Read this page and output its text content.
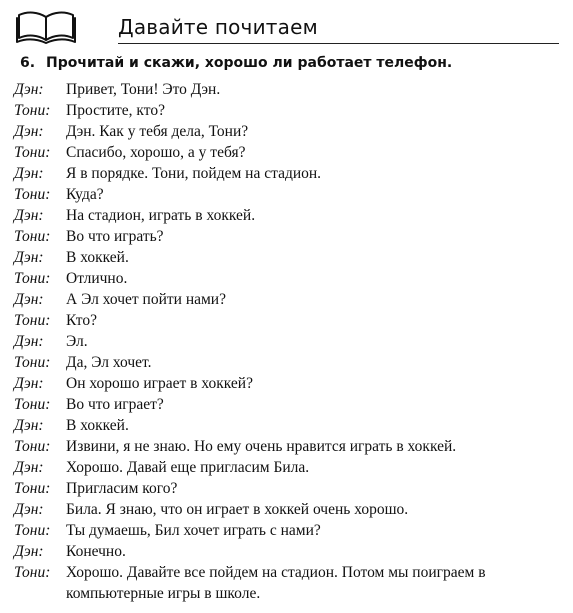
Давайте почитаем
6. Прочитай и скажи, хорошо ли работает телефон.
Дэн: Привет, Тони! Это Дэн.
Тони: Простите, кто?
Дэн: Дэн. Как у тебя дела, Тони?
Тони: Спасибо, хорошо, а у тебя?
Дэн: Я в порядке. Тони, пойдем на стадион.
Тони: Куда?
Дэн: На стадион, играть в хоккей.
Тони: Во что играть?
Дэн: В хоккей.
Тони: Отлично.
Дэн: А Эл хочет пойти нами?
Тони: Кто?
Дэн: Эл.
Тони: Да, Эл хочет.
Дэн: Он хорошо играет в хоккей?
Тони: Во что играет?
Дэн: В хоккей.
Тони: Извини, я не знаю. Но ему очень нравится играть в хоккей.
Дэн: Хорошо. Давай еще пригласим Била.
Тони: Пригласим кого?
Дэн: Била. Я знаю, что он играет в хоккей очень хорошо.
Тони: Ты думаешь, Бил хочет играть с нами?
Дэн: Конечно.
Тони: Хорошо. Давайте все пойдем на стадион. Потом мы поиграем в компьютерные игры в школе.
